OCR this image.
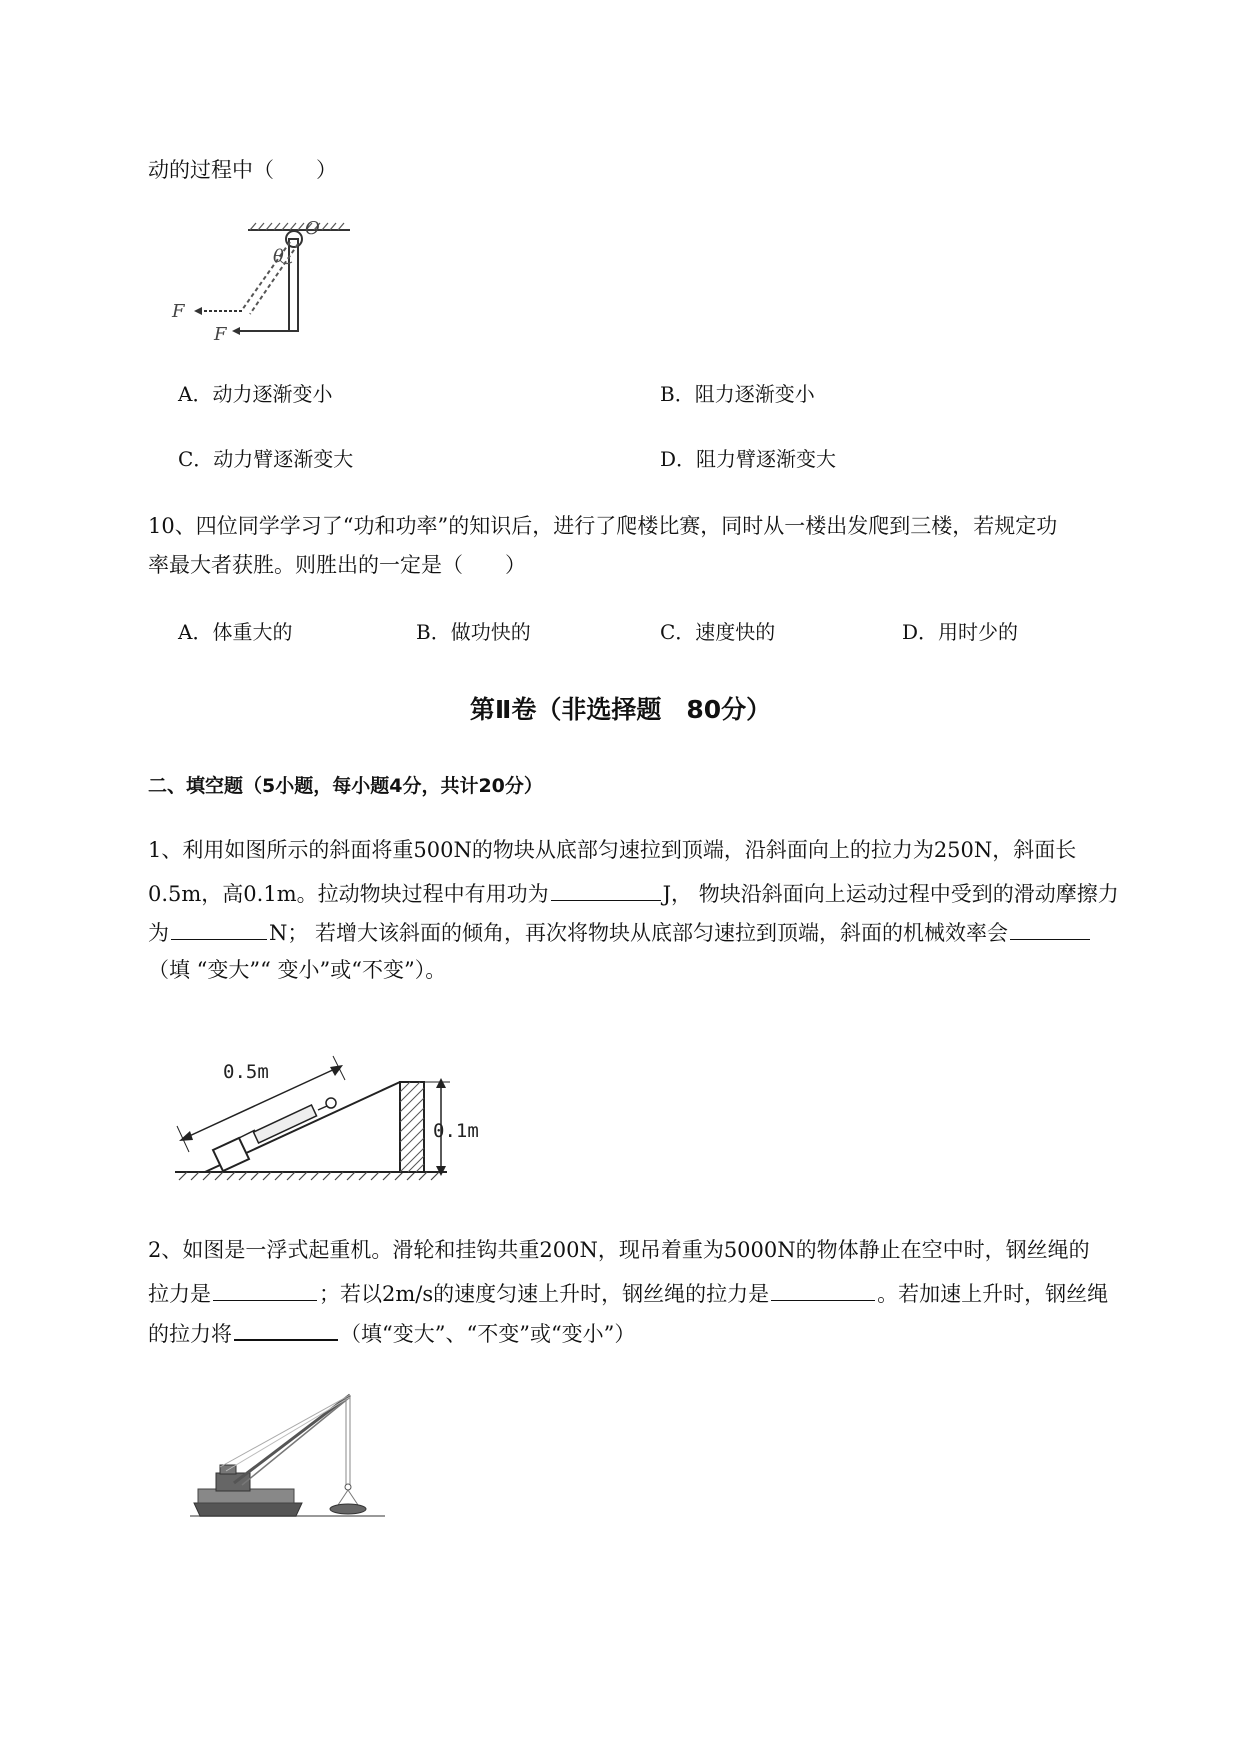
动的过程中（　　）
O
θ
F
F
A．动力逐渐变小	B．阻力逐渐变小
C．动力臂逐渐变大	D．阻力臂逐渐变大
10、四位同学学习了“功和功率”的知识后，进行了爬楼比赛，同时从一楼出发爬到三楼，若规定功
率最大者获胜。则胜出的一定是（　　）
A．体重大的	B．做功快的	C．速度快的	D．用时少的
第Ⅱ卷（非选择题　80分）
二、填空题（5小题，每小题4分，共计20分）
1、利用如图所示的斜面将重500N的物块从底部匀速拉到顶端，沿斜面向上的拉力为250N，斜面长
0.5m，高0.1m。拉动物块过程中有用功为	J， 物块沿斜面向上运动过程中受到的滑动摩擦力
为	N； 若增大该斜面的倾角，再次将物块从底部匀速拉到顶端，斜面的机械效率会
（填 “变大”“ 变小”或“不变”）。
0.5m
0.1m
2、如图是一浮式起重机。滑轮和挂钩共重200N，现吊着重为5000N的物体静止在空中时，钢丝绳的
拉力是	；若以2m/s的速度匀速上升时，钢丝绳的拉力是	。若加速上升时，钢丝绳
的拉力将	（填“变大”、“不变”或“变小”）
